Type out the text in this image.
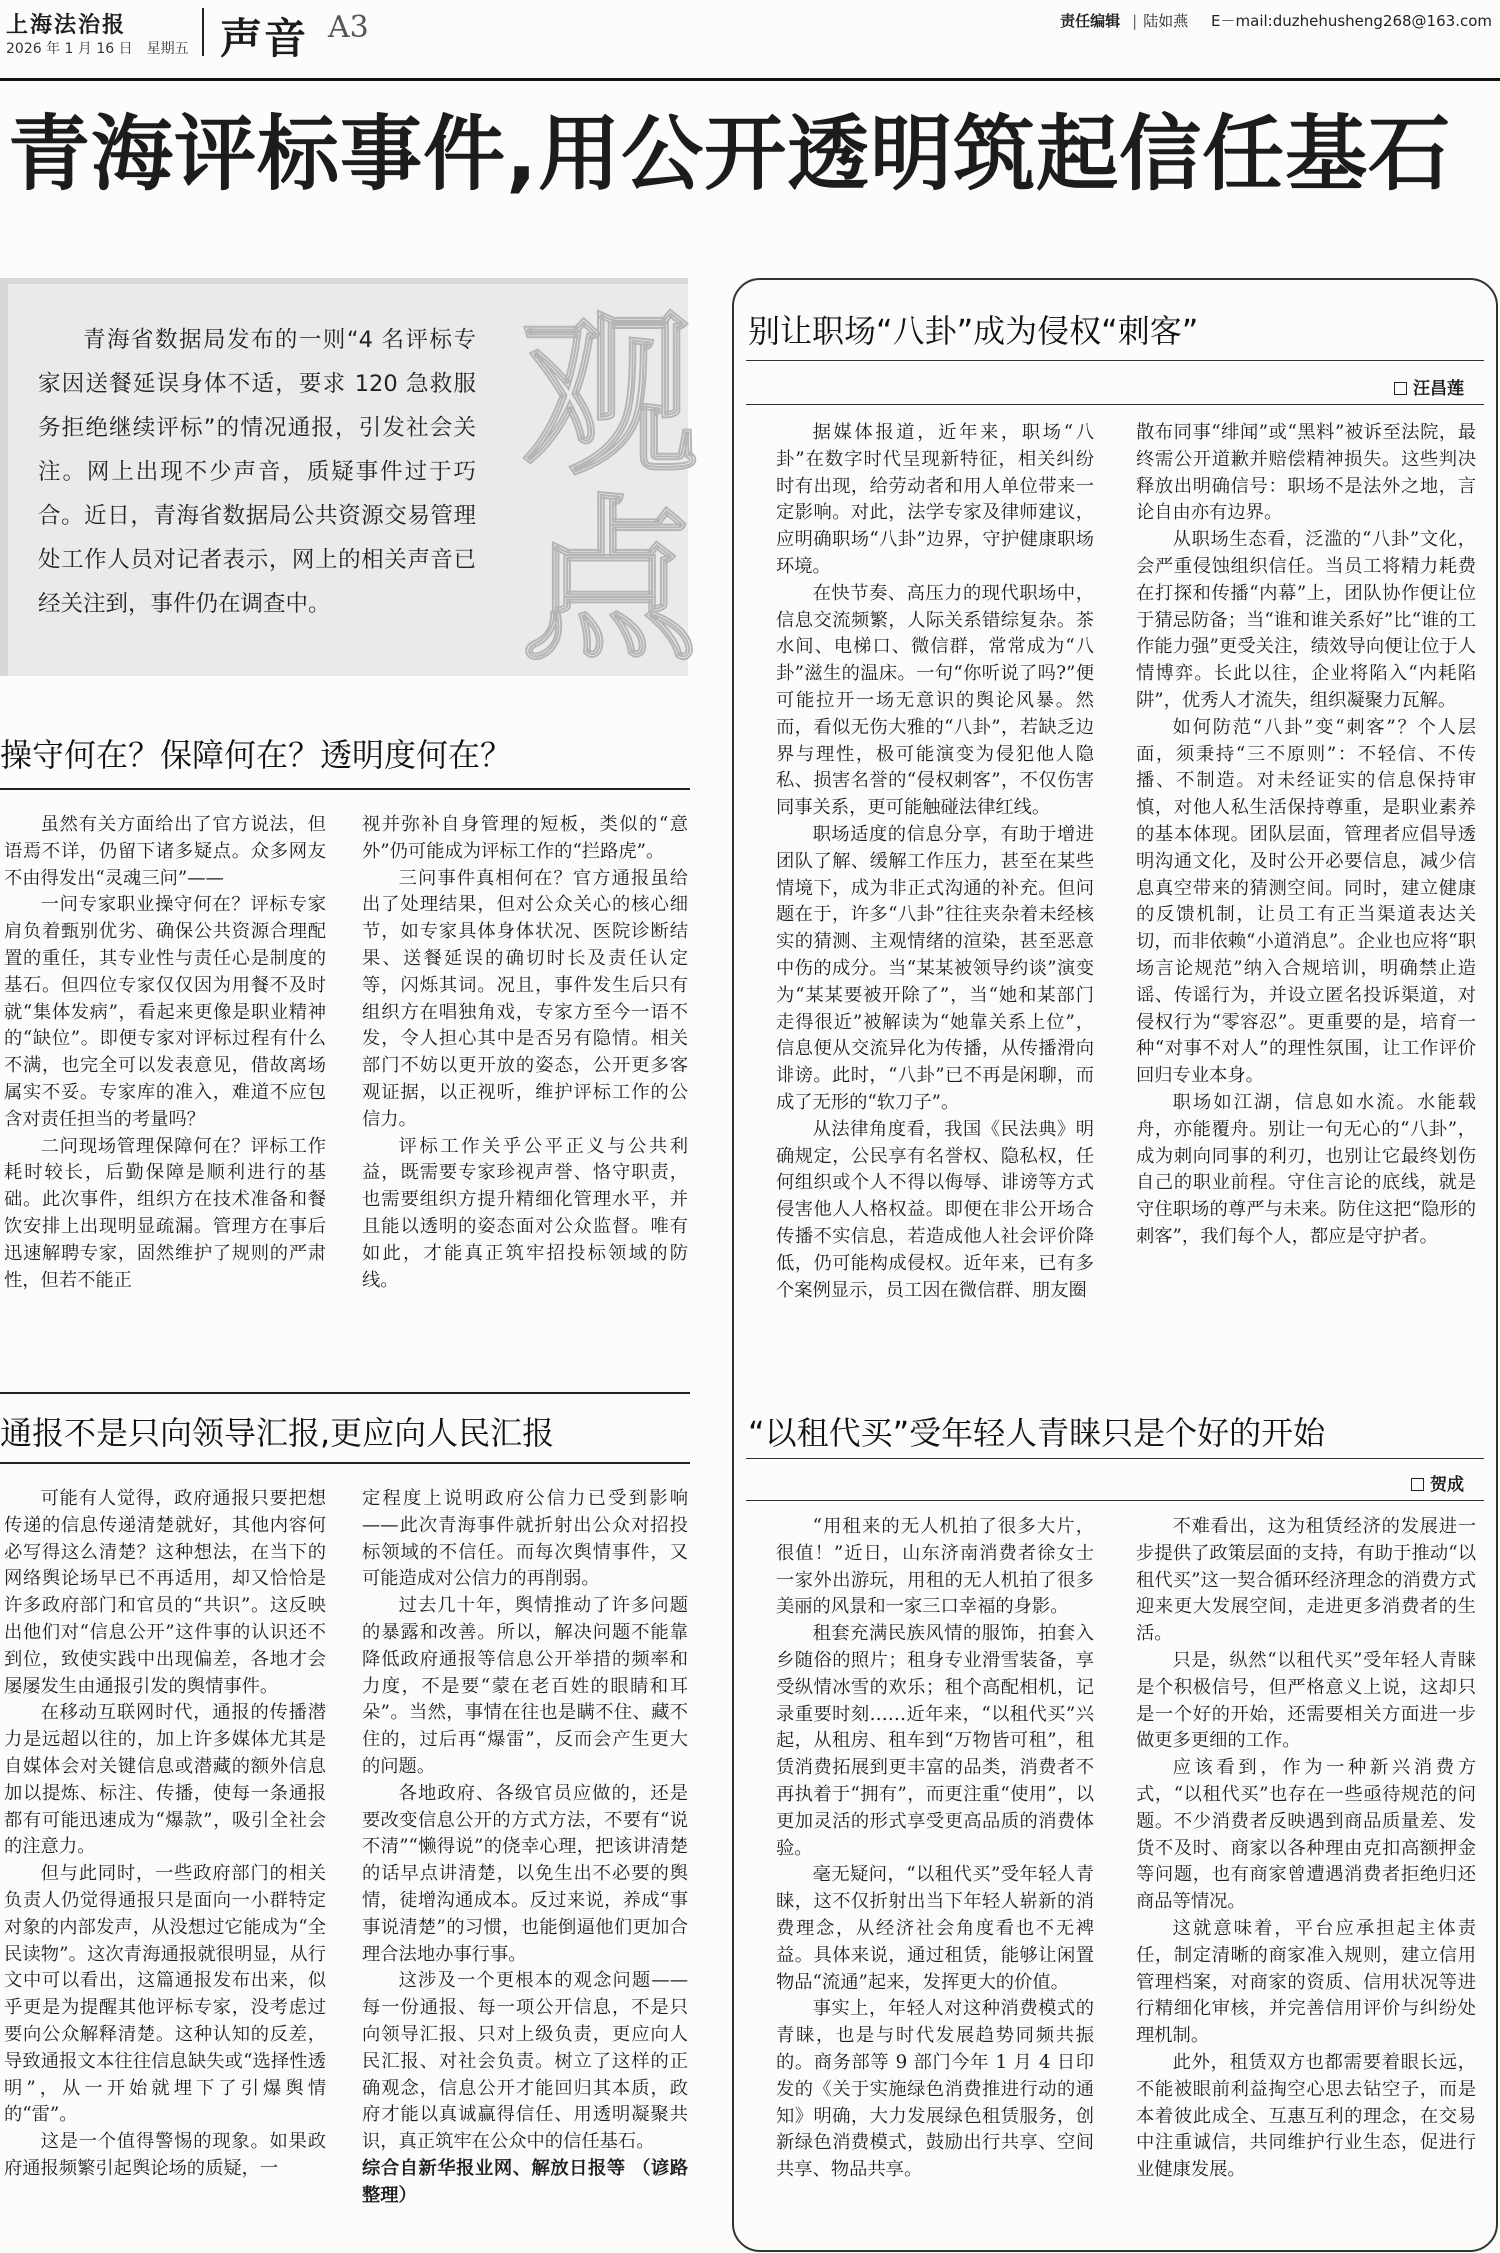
上海法治报
2026 年 1 月 16 日　星期五 声音 A3	责任编辑 | 陆如燕 E－mail:duzhehusheng268@163.com
青海评标事件,用公开透明筑起信任基石
青海省数据局发布的一则“4 名评标专家因送餐延误身体不适，要求 120 急救服务拒绝继续评标”的情况通报，引发社会关注。网上出现不少声音，质疑事件过于巧合。近日，青海省数据局公共资源交易管理处工作人员对记者表示，网上的相关声音已经关注到，事件仍在调查中。 观点
操守何在？保障何在？透明度何在？

虽然有关方面给出了官方说法，但语焉不详，仍留下诸多疑点。众多网友不由得发出“灵魂三问”——

一问专家职业操守何在？评标专家肩负着甄别优劣、确保公共资源合理配置的重任，其专业性与责任心是制度的基石。但四位专家仅仅因为用餐不及时就“集体发病”，看起来更像是职业精神的“缺位”。即便专家对评标过程有什么不满，也完全可以发表意见，借故离场属实不妥。专家库的准入，难道不应包含对责任担当的考量吗？

二问现场管理保障何在？评标工作耗时较长，后勤保障是顺利进行的基础。此次事件，组织方在技术准备和餐饮安排上出现明显疏漏。管理方在事后迅速解聘专家，固然维护了规则的严肃性，但若不能正

视并弥补自身管理的短板，类似的“意外”仍可能成为评标工作的“拦路虎”。

三问事件真相何在？官方通报虽给出了处理结果，但对公众关心的核心细节，如专家具体身体状况、医院诊断结果、送餐延误的确切时长及责任认定等，闪烁其词。况且，事件发生后只有组织方在唱独角戏，专家方至今一语不发，令人担心其中是否另有隐情。相关部门不妨以更开放的姿态，公开更多客观证据，以正视听，维护评标工作的公信力。

评标工作关乎公平正义与公共利益，既需要专家珍视声誉、恪守职责，也需要组织方提升精细化管理水平，并且能以透明的姿态面对公众监督。唯有如此，才能真正筑牢招投标领域的防线。

通报不是只向领导汇报,更应向人民汇报

可能有人觉得，政府通报只要把想传递的信息传递清楚就好，其他内容何必写得这么清楚？这种想法，在当下的网络舆论场早已不再适用，却又恰恰是许多政府部门和官员的“共识”。这反映出他们对“信息公开”这件事的认识还不到位，致使实践中出现偏差，各地才会屡屡发生由通报引发的舆情事件。

在移动互联网时代，通报的传播潜力是远超以往的，加上许多媒体尤其是自媒体会对关键信息或潜藏的额外信息加以提炼、标注、传播，使每一条通报都有可能迅速成为“爆款”，吸引全社会的注意力。

但与此同时，一些政府部门的相关负责人仍觉得通报只是面向一小群特定对象的内部发声，从没想过它能成为“全民读物”。这次青海通报就很明显，从行文中可以看出，这篇通报发布出来，似乎更是为提醒其他评标专家，没考虑过要向公众解释清楚。这种认知的反差，导致通报文本往往信息缺失或“选择性透明”，从一开始就埋下了引爆舆情的“雷”。

这是一个值得警惕的现象。如果政府通报频繁引起舆论场的质疑，一

定程度上说明政府公信力已受到影响——此次青海事件就折射出公众对招投标领域的不信任。而每次舆情事件，又可能造成对公信力的再削弱。

过去几十年，舆情推动了许多问题的暴露和改善。所以，解决问题不能靠降低政府通报等信息公开举措的频率和力度，不是要“蒙在老百姓的眼睛和耳朵”。当然，事情在往也是瞒不住、藏不住的，过后再“爆雷”，反而会产生更大的问题。

各地政府、各级官员应做的，还是要改变信息公开的方式方法，不要有“说不清”“懒得说”的侥幸心理，把该讲清楚的话早点讲清楚，以免生出不必要的舆情，徒增沟通成本。反过来说，养成“事事说清楚”的习惯，也能倒逼他们更加合理合法地办事行事。

这涉及一个更根本的观念问题——每一份通报、每一项公开信息，不是只向领导汇报、只对上级负责，更应向人民汇报、对社会负责。树立了这样的正确观念，信息公开才能回归其本质，政府才能以真诚赢得信任、用透明凝聚共识，真正筑牢在公众中的信任基石。

综合自新华报业网、解放日报等 （谚路　整理）

别让职场“八卦”成为侵权“刺客”
汪昌莲

据媒体报道，近年来，职场“八卦”在数字时代呈现新特征，相关纠纷时有出现，给劳动者和用人单位带来一定影响。对此，法学专家及律师建议，应明确职场“八卦”边界，守护健康职场环境。

在快节奏、高压力的现代职场中，信息交流频繁，人际关系错综复杂。茶水间、电梯口、微信群，常常成为“八卦”滋生的温床。一句“你听说了吗?”便可能拉开一场无意识的舆论风暴。然而，看似无伤大雅的“八卦”，若缺乏边界与理性，极可能演变为侵犯他人隐私、损害名誉的“侵权刺客”，不仅伤害同事关系，更可能触碰法律红线。

职场适度的信息分享，有助于增进团队了解、缓解工作压力，甚至在某些情境下，成为非正式沟通的补充。但问题在于，许多“八卦”往往夹杂着未经核实的猜测、主观情绪的渲染，甚至恶意中伤的成分。当“某某被领导约谈”演变为“某某要被开除了”，当“她和某部门走得很近”被解读为“她靠关系上位”，信息便从交流异化为传播，从传播滑向诽谤。此时，“八卦”已不再是闲聊，而成了无形的“软刀子”。

从法律角度看，我国《民法典》明确规定，公民享有名誉权、隐私权，任何组织或个人不得以侮辱、诽谤等方式侵害他人人格权益。即便在非公开场合传播不实信息，若造成他人社会评价降低，仍可能构成侵权。近年来，已有多个案例显示，员工因在微信群、朋友圈

散布同事“绯闻”或“黑料”被诉至法院，最终需公开道歉并赔偿精神损失。这些判决释放出明确信号：职场不是法外之地，言论自由亦有边界。

从职场生态看，泛滥的“八卦”文化，会严重侵蚀组织信任。当员工将精力耗费在打探和传播“内幕”上，团队协作便让位于猜忌防备；当“谁和谁关系好”比“谁的工作能力强”更受关注，绩效导向便让位于人情博弈。长此以往，企业将陷入“内耗陷阱”，优秀人才流失，组织凝聚力瓦解。

如何防范“八卦”变“刺客”？个人层面，须秉持“三不原则”：不轻信、不传播、不制造。对未经证实的信息保持审慎，对他人私生活保持尊重，是职业素养的基本体现。团队层面，管理者应倡导透明沟通文化，及时公开必要信息，减少信息真空带来的猜测空间。同时，建立健康的反馈机制，让员工有正当渠道表达关切，而非依赖“小道消息”。企业也应将“职场言论规范”纳入合规培训，明确禁止造谣、传谣行为，并设立匿名投诉渠道，对侵权行为“零容忍”。更重要的是，培育一种“对事不对人”的理性氛围，让工作评价回归专业本身。

职场如江湖，信息如水流。水能载舟，亦能覆舟。别让一句无心的“八卦”，成为刺向同事的利刃，也别让它最终划伤自己的职业前程。守住言论的底线，就是守住职场的尊严与未来。防住这把“隐形的刺客”，我们每个人，都应是守护者。

“以租代买”受年轻人青睐只是个好的开始
贺成

“用租来的无人机拍了很多大片，很值！”近日，山东济南消费者徐女士一家外出游玩，用租的无人机拍了很多美丽的风景和一家三口幸福的身影。

租套充满民族风情的服饰，拍套入乡随俗的照片；租身专业滑雪装备，享受纵情冰雪的欢乐；租个高配相机，记录重要时刻……近年来，“以租代买”兴起，从租房、租车到“万物皆可租”，租赁消费拓展到更丰富的品类，消费者不再执着于“拥有”，而更注重“使用”，以更加灵活的形式享受更高品质的消费体验。

毫无疑问，“以租代买”受年轻人青睐，这不仅折射出当下年轻人崭新的消费理念，从经济社会角度看也不无裨益。具体来说，通过租赁，能够让闲置物品“流通”起来，发挥更大的价值。

事实上，年轻人对这种消费模式的青睐，也是与时代发展趋势同频共振的。商务部等 9 部门今年 1 月 4 日印发的《关于实施绿色消费推进行动的通知》明确，大力发展绿色租赁服务，创新绿色消费模式，鼓励出行共享、空间共享、物品共享。

不难看出，这为租赁经济的发展进一步提供了政策层面的支持，有助于推动“以租代买”这一契合循环经济理念的消费方式迎来更大发展空间，走进更多消费者的生活。

只是，纵然“以租代买”受年轻人青睐是个积极信号，但严格意义上说，这却只是一个好的开始，还需要相关方面进一步做更多更细的工作。

应该看到，作为一种新兴消费方式，“以租代买”也存在一些亟待规范的问题。不少消费者反映遇到商品质量差、发货不及时、商家以各种理由克扣高额押金等问题，也有商家曾遭遇消费者拒绝归还商品等情况。

这就意味着，平台应承担起主体责任，制定清晰的商家准入规则，建立信用管理档案，对商家的资质、信用状况等进行精细化审核，并完善信用评价与纠纷处理机制。

此外，租赁双方也都需要着眼长远，不能被眼前利益掏空心思去钻空子，而是本着彼此成全、互惠互利的理念，在交易中注重诚信，共同维护行业生态，促进行业健康发展。
